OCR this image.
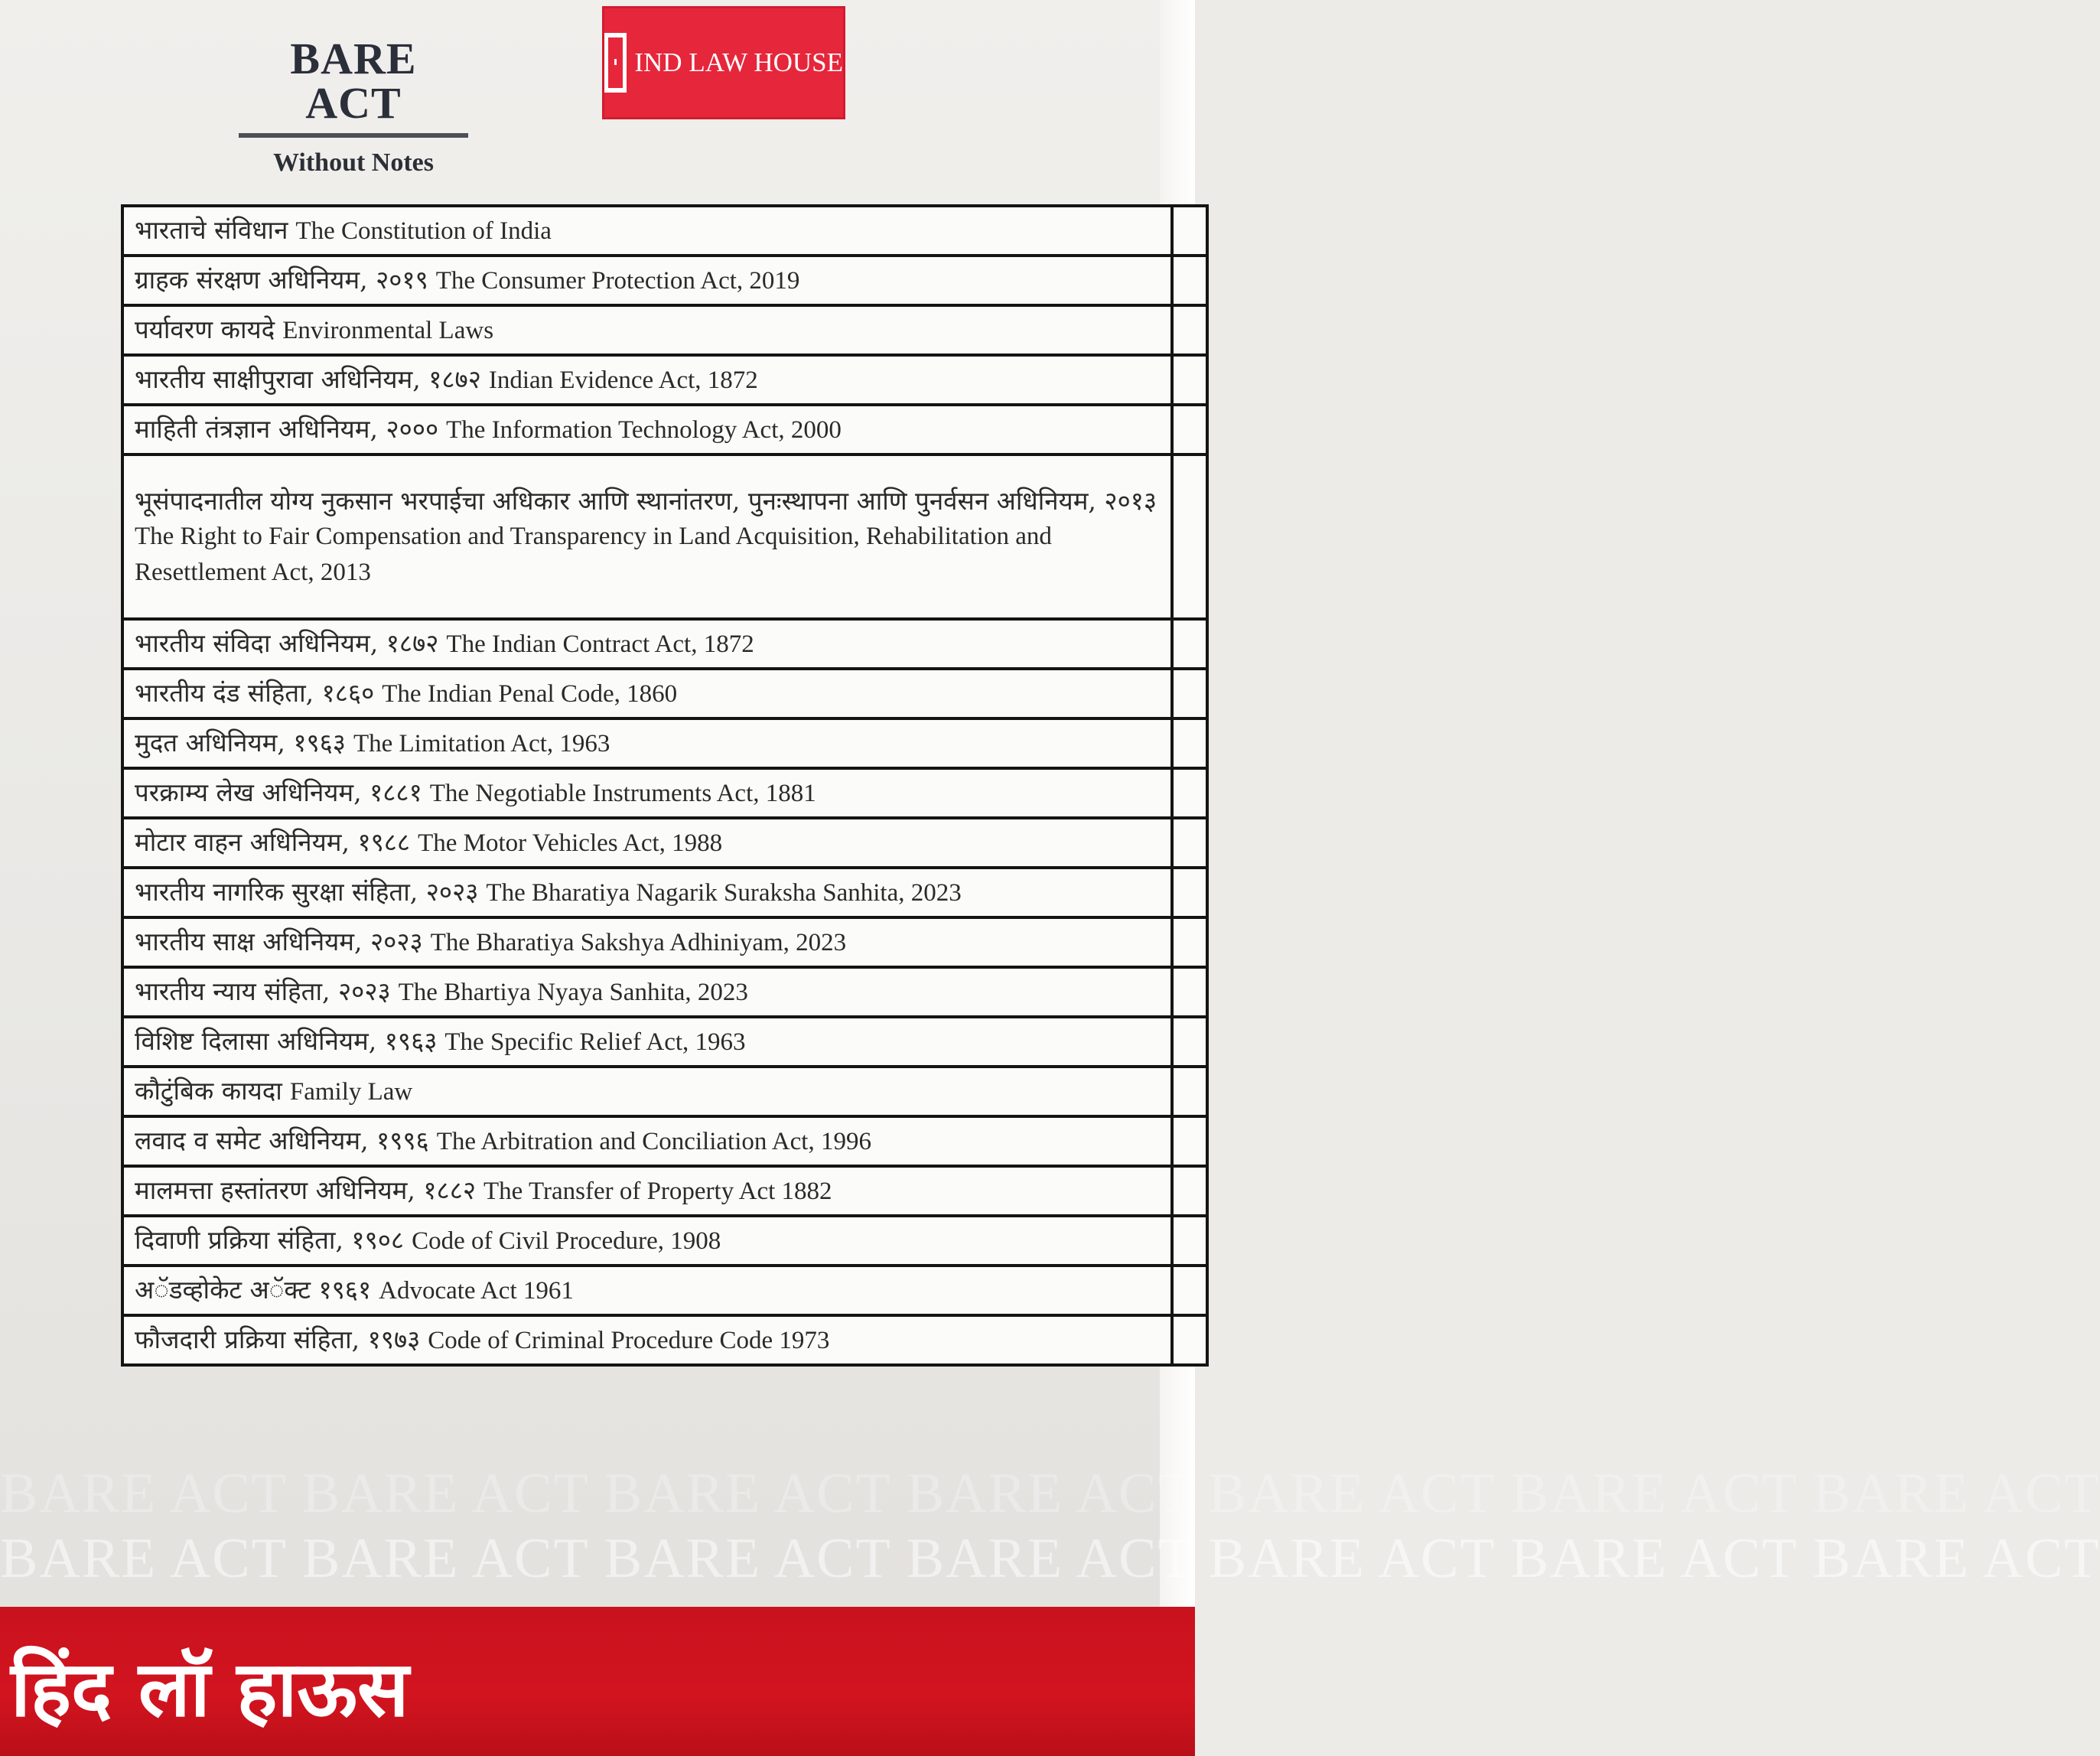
BARE ACT
Without Notes
IND LAW HOUSE
भारताचे संविधान The Constitution of India	
ग्राहक संरक्षण अधिनियम, २०१९ The Consumer Protection Act, 2019	
पर्यावरण कायदे Environmental Laws	
भारतीय साक्षीपुरावा अधिनियम, १८७२ Indian Evidence Act, 1872	
माहिती तंत्रज्ञान अधिनियम, २००० The Information Technology Act, 2000	
भूसंपादनातील योग्य नुकसान भरपाईचा अधिकार आणि स्थानांतरण, पुनःस्थापना आणि पुनर्वसन अधिनियम, २०१३
The Right to Fair Compensation and Transparency in Land Acquisition, Rehabilitation and Resettlement Act, 2013	

भारतीय संविदा अधिनियम, १८७२ The Indian Contract Act, 1872	
भारतीय दंड संहिता, १८६० The Indian Penal Code, 1860	
मुदत अधिनियम, १९६३ The Limitation Act, 1963	
परक्राम्य लेख अधिनियम, १८८१ The Negotiable Instruments Act, 1881	
मोटार वाहन अधिनियम, १९८८ The Motor Vehicles Act, 1988	
भारतीय नागरिक सुरक्षा संहिता, २०२३ The Bharatiya Nagarik Suraksha Sanhita, 2023	
भारतीय साक्ष अधिनियम, २०२३ The Bharatiya Sakshya Adhiniyam, 2023	
भारतीय न्याय संहिता, २०२३ The Bhartiya Nyaya Sanhita, 2023	
विशिष्ट दिलासा अधिनियम, १९६३ The Specific Relief Act, 1963	
कौटुंबिक कायदा Family Law	
लवाद व समेट अधिनियम, १९९६ The Arbitration and Conciliation Act, 1996	
मालमत्ता हस्तांतरण अधिनियम, १८८२ The Transfer of Property Act 1882	
दिवाणी प्रक्रिया संहिता, १९०८ Code of Civil Procedure, 1908	
अॅडव्होकेट अॅक्ट १९६१ Advocate Act 1961	
फौजदारी प्रक्रिया संहिता, १९७३ Code of Criminal Procedure Code 1973	
BARE ACT BARE ACT BARE ACT BARE ACT BARE ACT BARE ACT BARE ACT
BARE ACT BARE ACT BARE ACT BARE ACT BARE ACT BARE ACT BARE ACT
हिंद लॉ हाऊस
